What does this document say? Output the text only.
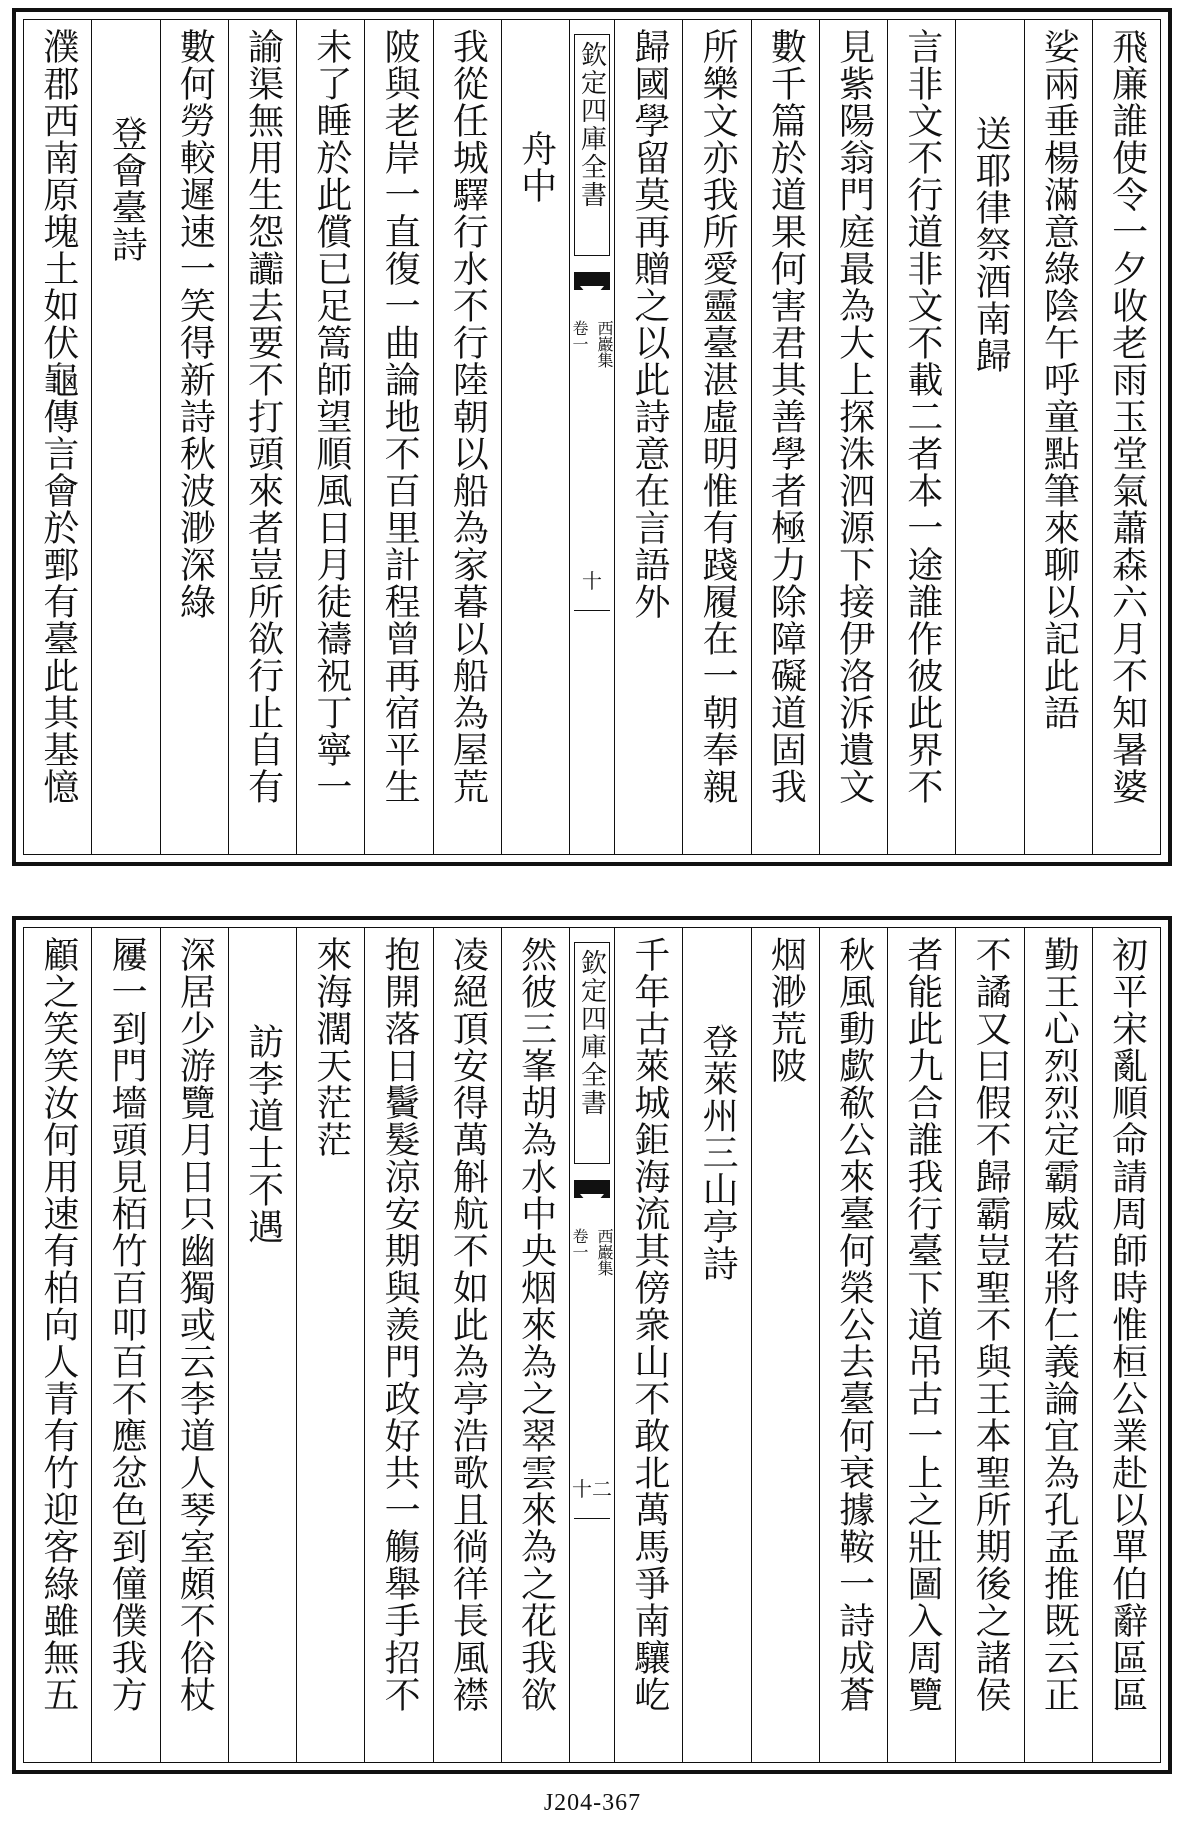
飛廉誰使令一夕收老雨玉堂氣蕭森六月不知暑婆
娑兩垂楊滿意綠陰午呼童點筆來聊以記此語
送耶律祭酒南歸
言非文不行道非文不載二者本一途誰作彼此界不
見紫陽翁門庭最為大上探洙泗源下接伊洛泝遺文
數千篇於道果何害君其善學者極力除障礙道固我
所樂文亦我所愛靈臺湛虛明惟有踐履在一朝奉親
歸國學留莫再贈之以此詩意在言語外
欽定四庫全書
西巖集
卷一
十
舟中
我從任城驛行水不行陸朝以船為家暮以船為屋荒
陂與老岸一直復一曲論地不百里計程曾再宿平生
未了睡於此償已足篙師望順風日月徒禱祝丁寧一
諭渠無用生怨讟去要不打頭來者豈所欲行止自有
數何勞較遲速一笑得新詩秋波渺深綠
登會臺詩
濮郡西南原塊土如伏龜傳言會於鄄有臺此其基憶
初平宋亂順命請周師時惟桓公業赴以單伯辭區區
勤王心烈烈定霸威若將仁義論宜為孔孟推既云正
不譎又曰假不歸霸豈聖不與王本聖所期後之諸侯
者能此九合誰我行臺下道吊古一上之壯圖入周覽
秋風動歔欷公來臺何榮公去臺何衰據鞍一詩成蒼
烟渺荒陂
登萊州三山亭詩
千年古萊城鉅海流其傍衆山不敢北萬馬爭南驤屹
欽定四庫全書
西巖集
卷一
十二
然彼三峯胡為水中央烟來為之翠雲來為之花我欲
凌絕頂安得萬斛航不如此為亭浩歌且徜徉長風襟
抱開落日鬢髮涼安期與羨門政好共一觴舉手招不
來海濶天茫茫
訪李道士不遇
深居少游覽月日只幽獨或云李道人琴室頗不俗杖
屨一到門墻頭見栢竹百叩百不應忿色到僮僕我方
顧之笑笑汝何用速有柏向人青有竹迎客綠雖無五
J204-367
